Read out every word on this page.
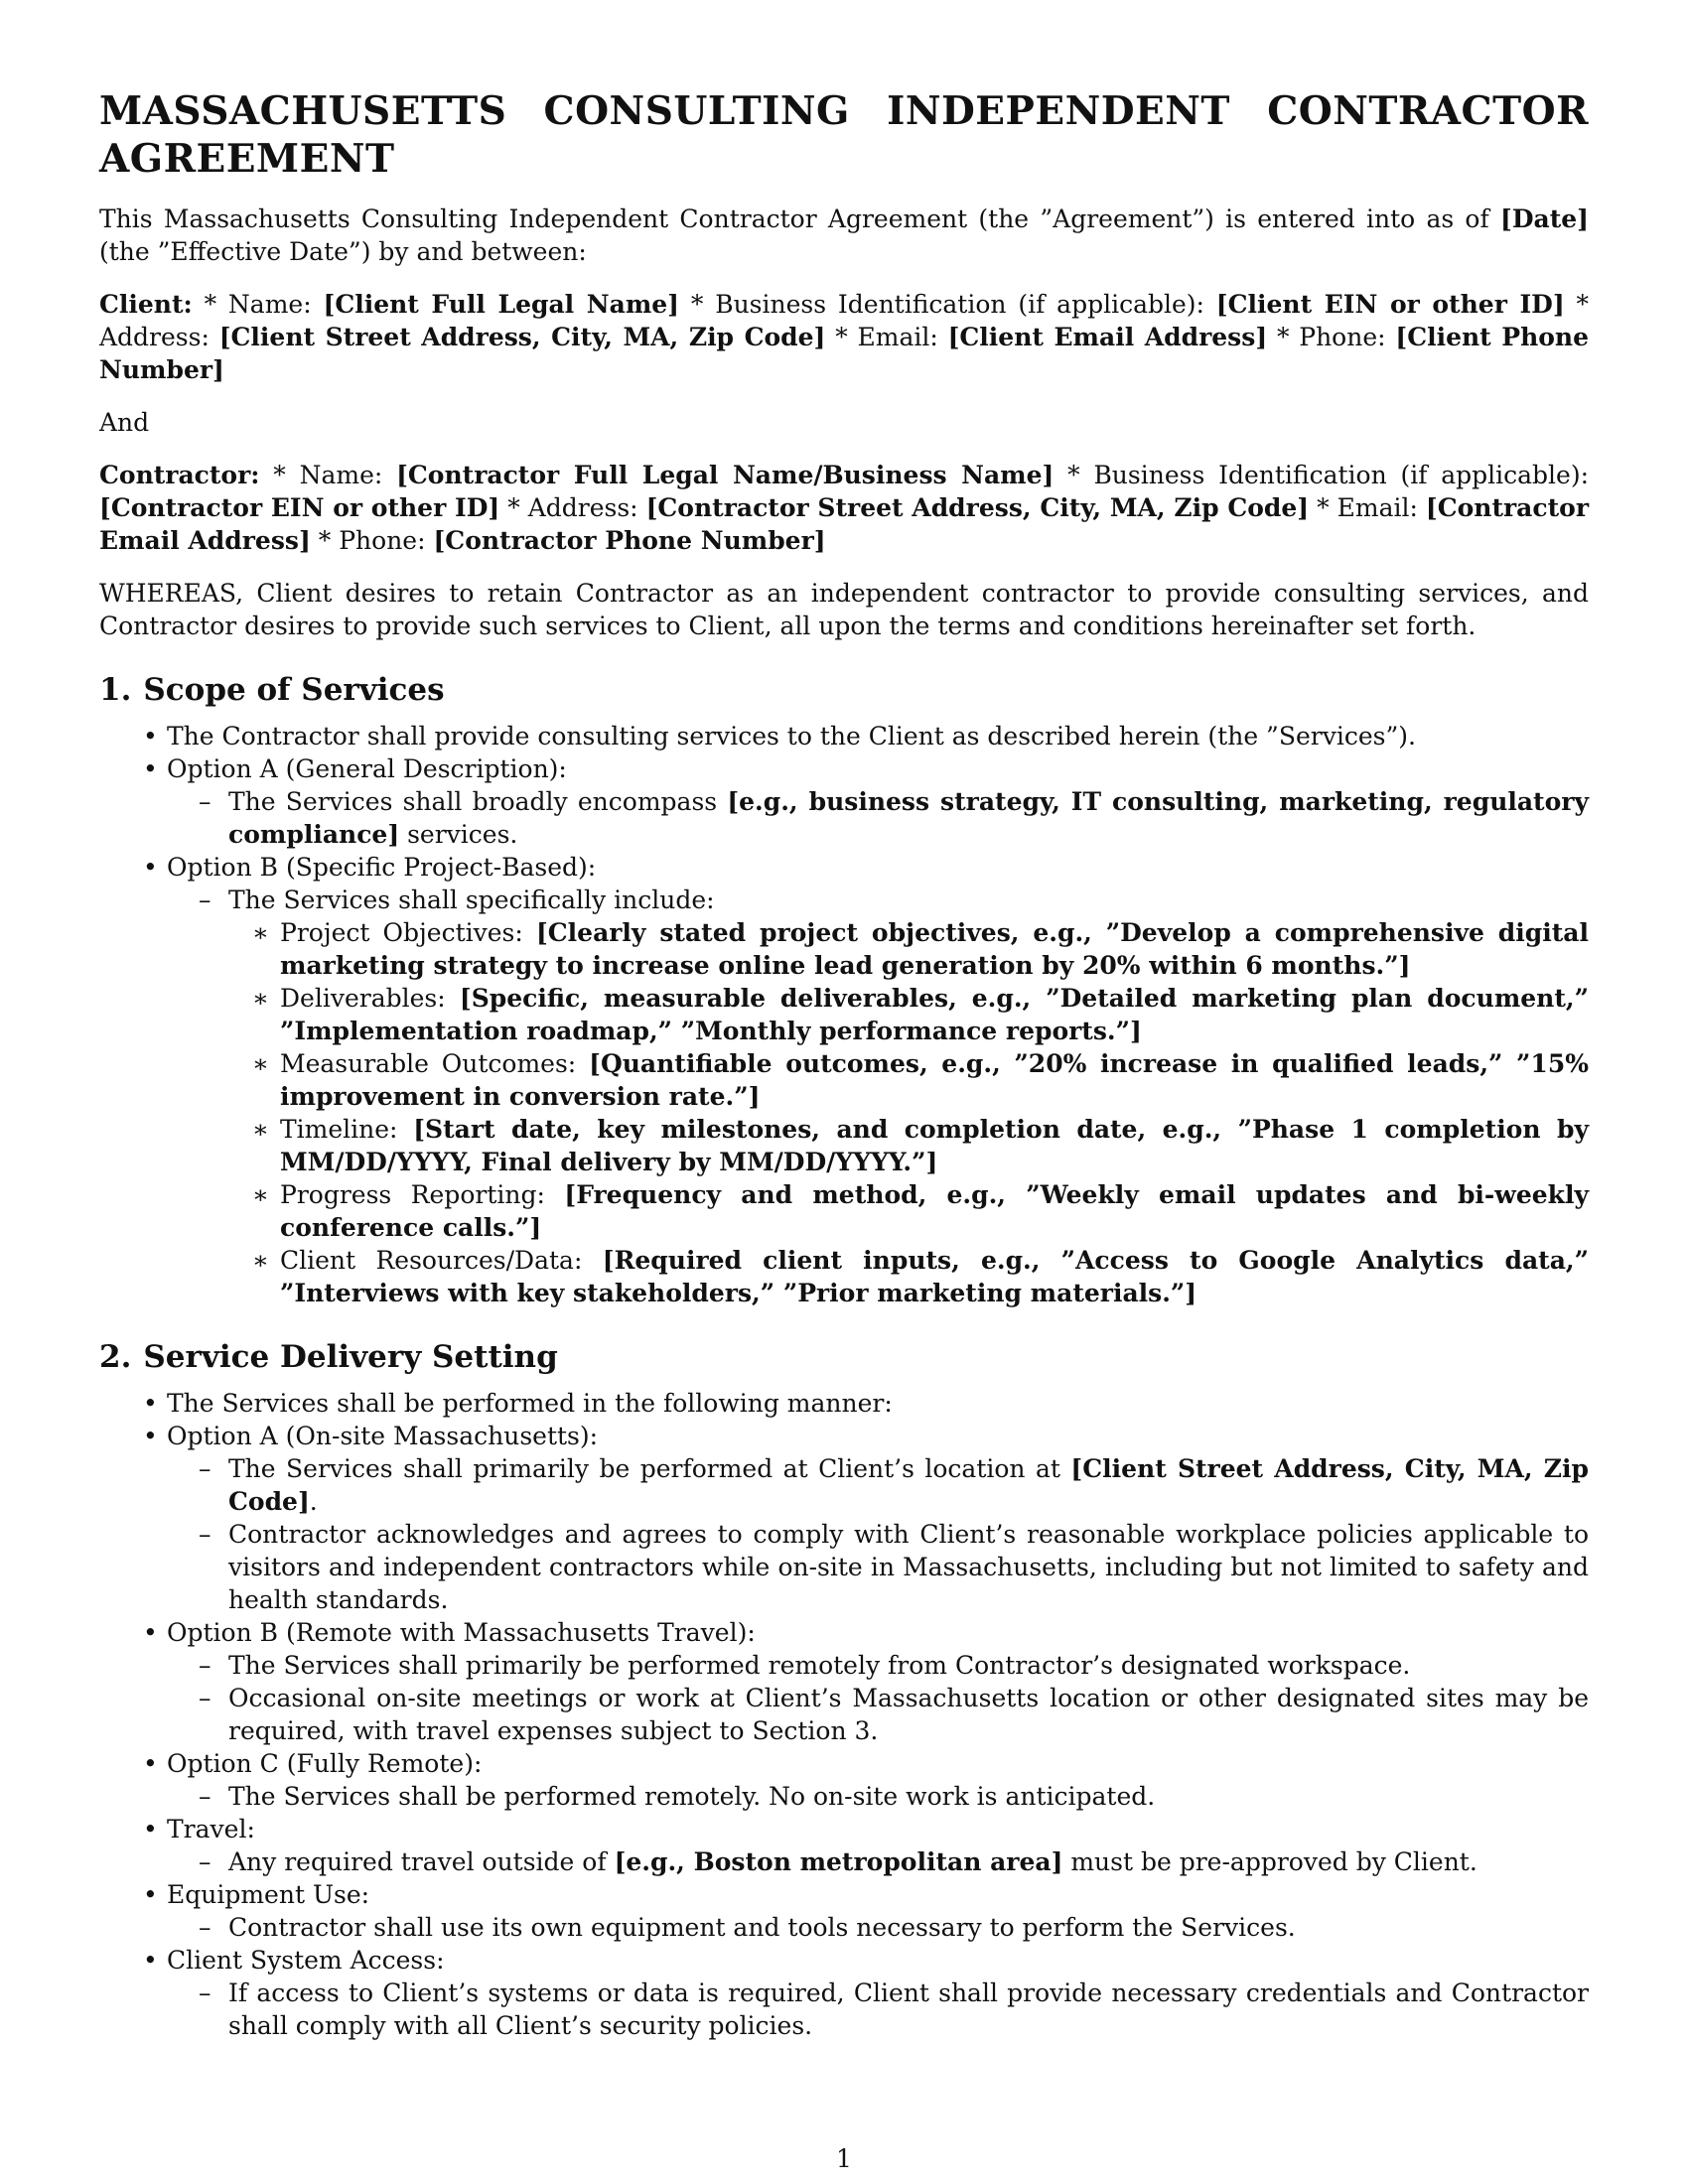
MASSACHUSETTS CONSULTING INDEPENDENT CONTRACTOR
AGREEMENT

This Massachusetts Consulting Independent Contractor Agreement (the ”Agreement”) is entered into as of [Date] (the ”Effective Date”) by and between:

Client: * Name: [Client Full Legal Name] * Business Identification (if applicable): [Client EIN or other ID] * Address: [Client Street Address, City, MA, Zip Code] * Email: [Client Email Address] * Phone: [Client Phone Number]

And

Contractor: * Name: [Contractor Full Legal Name/Business Name] * Business Identification (if applicable): [Contractor EIN or other ID] * Address: [Contractor Street Address, City, MA, Zip Code] * Email: [Contractor Email Address] * Phone: [Contractor Phone Number]

WHEREAS, Client desires to retain Contractor as an independent contractor to provide consulting services, and Contractor desires to provide such services to Client, all upon the terms and conditions hereinafter set forth.

1. Scope of Services
• The Contractor shall provide consulting services to the Client as described herein (the ”Services”).
• Option A (General Description):
– The Services shall broadly encompass [e.g., business strategy, IT consulting, marketing, regulatory compliance] services.
• Option B (Specific Project-Based):
– The Services shall specifically include:
∗ Project Objectives: [Clearly stated project objectives, e.g., ”Develop a comprehensive digital marketing strategy to increase online lead generation by 20% within 6 months.”]
∗ Deliverables: [Specific, measurable deliverables, e.g., ”Detailed marketing plan document,” ”Implementation roadmap,” ”Monthly performance reports.”]
∗ Measurable Outcomes: [Quantifiable outcomes, e.g., ”20% increase in qualified leads,” ”15% improvement in conversion rate.”]
∗ Timeline: [Start date, key milestones, and completion date, e.g., ”Phase 1 completion by MM/DD/YYYY, Final delivery by MM/DD/YYYY.”]
∗ Progress Reporting: [Frequency and method, e.g., ”Weekly email updates and bi-weekly conference calls.”]
∗ Client Resources/Data: [Required client inputs, e.g., ”Access to Google Analytics data,” ”Interviews with key stakeholders,” ”Prior marketing materials.”]
2. Service Delivery Setting
• The Services shall be performed in the following manner:
• Option A (On-site Massachusetts):
– The Services shall primarily be performed at Client’s location at [Client Street Address, City, MA, Zip Code].
– Contractor acknowledges and agrees to comply with Client’s reasonable workplace policies applicable to visitors and independent contractors while on-site in Massachusetts, including but not limited to safety and health standards.
• Option B (Remote with Massachusetts Travel):
– The Services shall primarily be performed remotely from Contractor’s designated workspace.
– Occasional on-site meetings or work at Client’s Massachusetts location or other designated sites may be required, with travel expenses subject to Section 3.
• Option C (Fully Remote):
– The Services shall be performed remotely. No on-site work is anticipated.
• Travel:
– Any required travel outside of [e.g., Boston metropolitan area] must be pre-approved by Client.
• Equipment Use:
– Contractor shall use its own equipment and tools necessary to perform the Services.
• Client System Access:
– If access to Client’s systems or data is required, Client shall provide necessary credentials and Contractor shall comply with all Client’s security policies.
1
